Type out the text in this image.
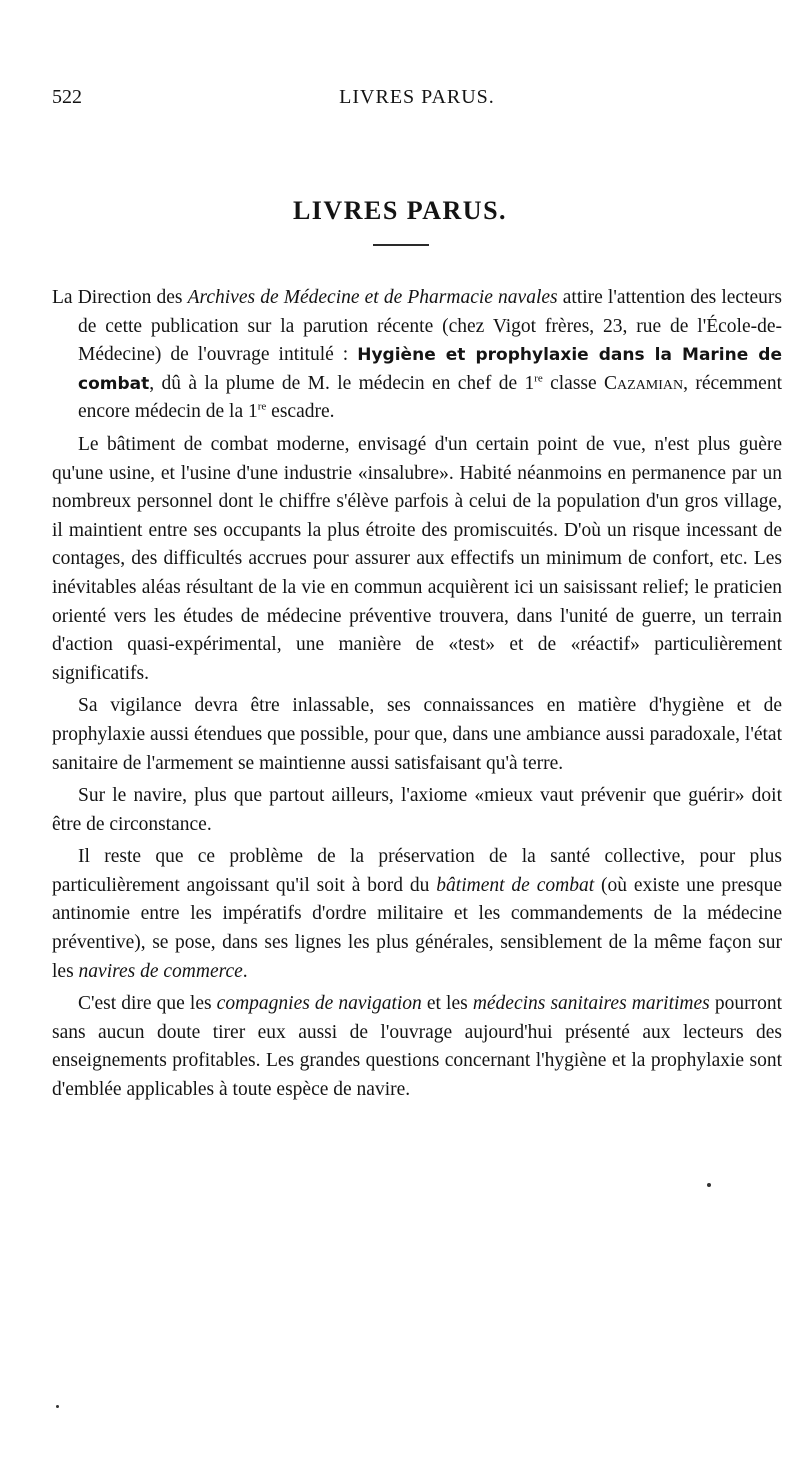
522	LIVRES PARUS.
LIVRES PARUS.

La Direction des Archives de Médecine et de Pharmacie navales attire l'attention des lecteurs de cette publication sur la parution récente (chez Vigot frères, 23, rue de l'École-de-Médecine) de l'ouvrage intitulé : Hygiène et prophylaxie dans la Marine de combat, dû à la plume de M. le médecin en chef de 1re classe Cazamian, récemment encore médecin de la 1re escadre.

Le bâtiment de combat moderne, envisagé d'un certain point de vue, n'est plus guère qu'une usine, et l'usine d'une industrie «insalubre». Habité néanmoins en permanence par un nombreux personnel dont le chiffre s'élève parfois à celui de la population d'un gros village, il maintient entre ses occupants la plus étroite des promiscuités. D'où un risque incessant de contages, des difficultés accrues pour assurer aux effectifs un minimum de confort, etc. Les inévitables aléas résultant de la vie en commun acquièrent ici un saisissant relief; le praticien orienté vers les études de médecine préventive trouvera, dans l'unité de guerre, un terrain d'action quasi-expérimental, une manière de «test» et de «réactif» particulièrement significatifs.

Sa vigilance devra être inlassable, ses connaissances en matière d'hygiène et de prophylaxie aussi étendues que possible, pour que, dans une ambiance aussi paradoxale, l'état sanitaire de l'armement se maintienne aussi satisfaisant qu'à terre.

Sur le navire, plus que partout ailleurs, l'axiome «mieux vaut prévenir que guérir» doit être de circonstance.

Il reste que ce problème de la préservation de la santé collective, pour plus particulièrement angoissant qu'il soit à bord du bâtiment de combat (où existe une presque antinomie entre les impératifs d'ordre militaire et les commandements de la médecine préventive), se pose, dans ses lignes les plus générales, sensiblement de la même façon sur les navires de commerce.

C'est dire que les compagnies de navigation et les médecins sanitaires maritimes pourront sans aucun doute tirer eux aussi de l'ouvrage aujourd'hui présenté aux lecteurs des enseignements profitables. Les grandes questions concernant l'hygiène et la prophylaxie sont d'emblée applicables à toute espèce de navire.
